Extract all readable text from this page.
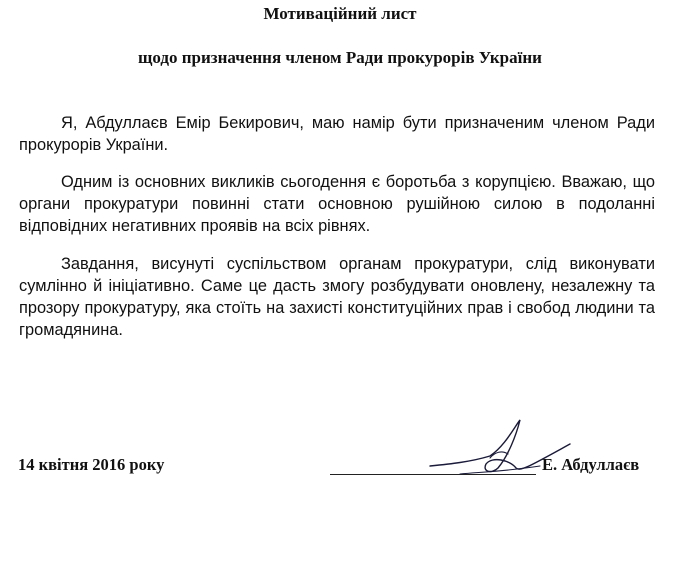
Мотиваційний лист
щодо призначення членом Ради прокурорів України

Я, Абдуллаєв Емір Бекирович, маю намір бути призначеним членом Ради прокурорів України.

Одним із основних викликів сьогодення є боротьба з корупцією. Вважаю, що органи прокуратури повинні стати основною рушійною силою в подоланні відповідних негативних проявів на всіх рівнях.

Завдання, висунуті суспільством органам прокуратури, слід виконувати сумлінно й ініціативно. Саме це дасть змогу розбудувати оновлену, незалежну та прозору прокуратуру, яка стоїть на захисті конституційних прав і свобод людини та громадянина.

14 квітня 2016 року	Е. Абдуллаєв
